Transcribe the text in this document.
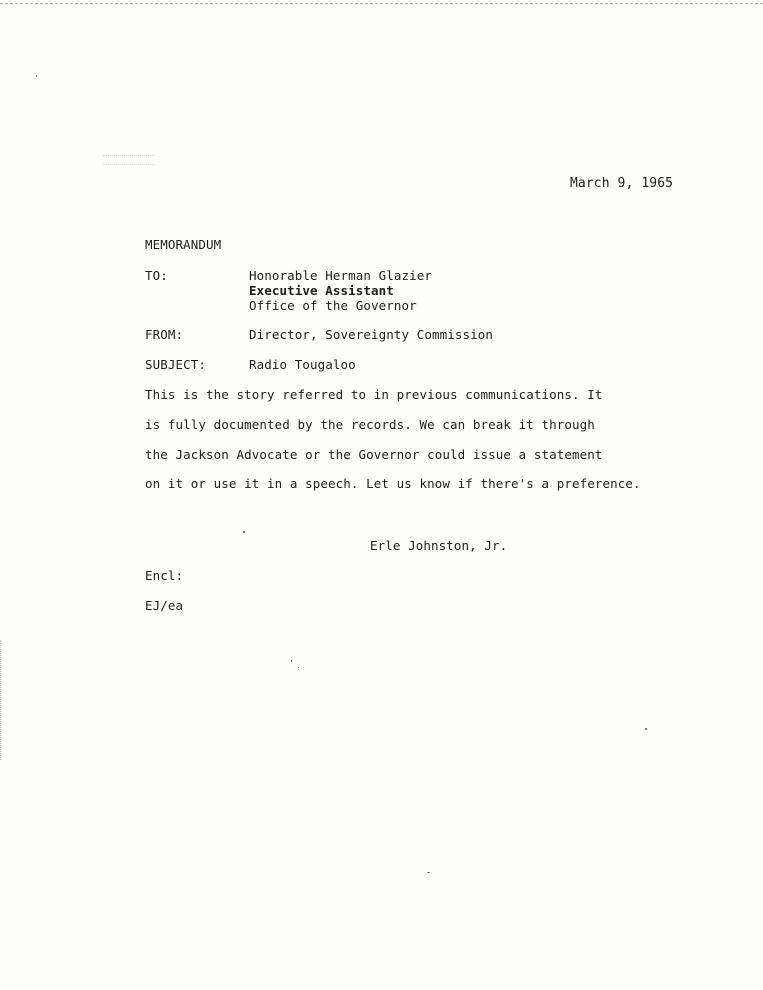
March 9, 1965
MEMORANDUM
TO:	Honorable Herman Glazier
Executive Assistant
Office of the Governor
FROM:	Director, Sovereignty Commission
SUBJECT:	Radio Tougaloo
This is the story referred to in previous communications. It
is fully documented by the records. We can break it through
the Jackson Advocate or the Governor could issue a statement
on it or use it in a speech. Let us know if there's a preference.
Erle Johnston, Jr.
Encl:
EJ/ea
